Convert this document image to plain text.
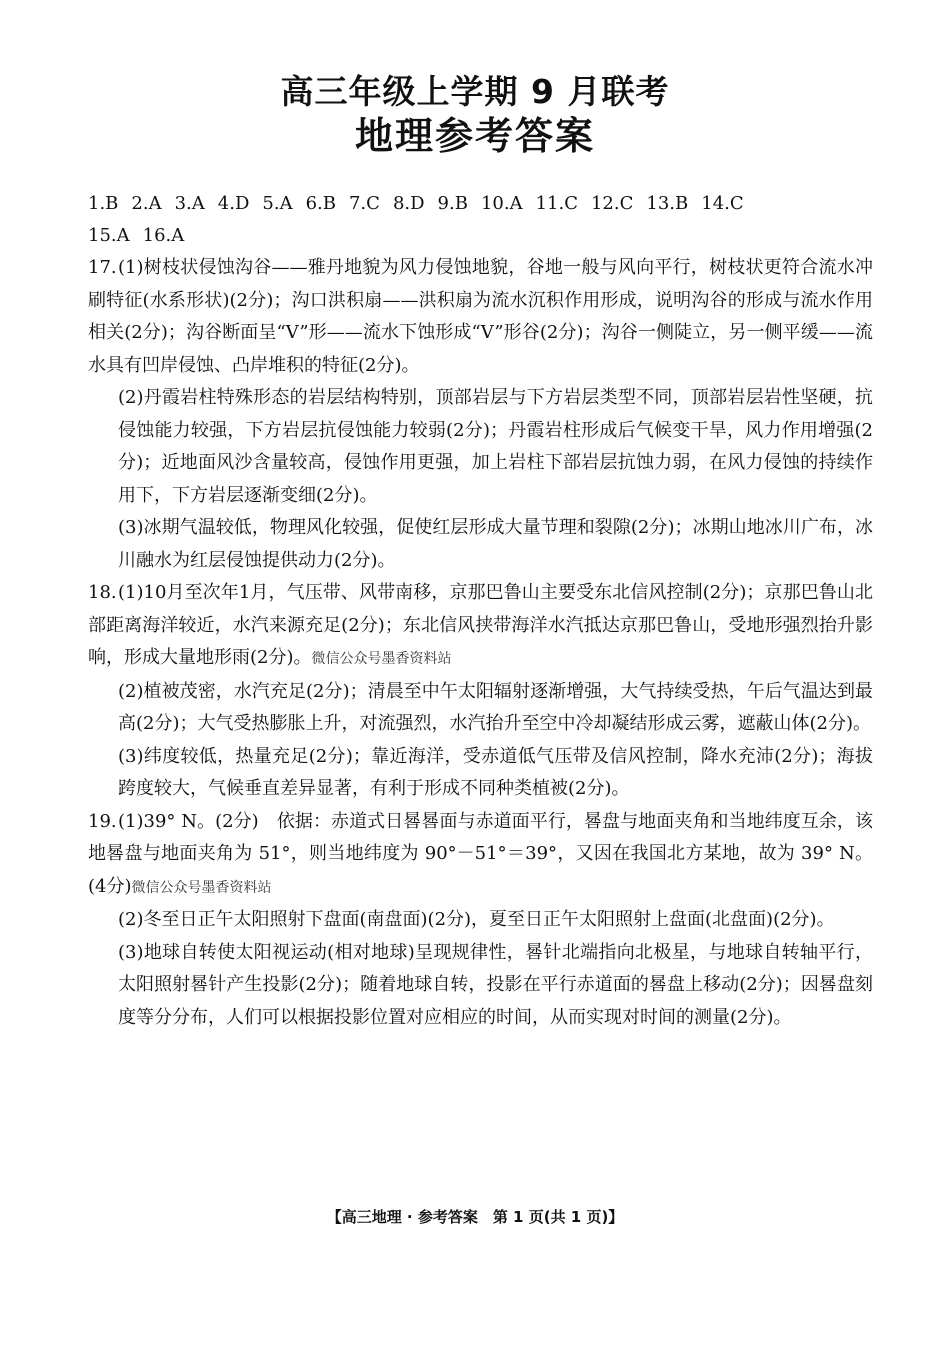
高三年级上学期 9 月联考
地理参考答案
1.B 2.A 3.A 4.D 5.A 6.B 7.C 8.D 9.B 10.A 11.C 12.C 13.B 14.C
15.A 16.A

17.(1)树枝状侵蚀沟谷——雅丹地貌为风力侵蚀地貌，谷地一般与风向平行，树枝状更符合流水冲刷特征(水系形状)(2分)；沟口洪积扇——洪积扇为流水沉积作用形成，说明沟谷的形成与流水作用相关(2分)；沟谷断面呈“V”形——流水下蚀形成“V”形谷(2分)；沟谷一侧陡立，另一侧平缓——流水具有凹岸侵蚀、凸岸堆积的特征(2分)。

(2)丹霞岩柱特殊形态的岩层结构特别，顶部岩层与下方岩层类型不同，顶部岩层岩性坚硬，抗侵蚀能力较强，下方岩层抗侵蚀能力较弱(2分)；丹霞岩柱形成后气候变干旱，风力作用增强(2分)；近地面风沙含量较高，侵蚀作用更强，加上岩柱下部岩层抗蚀力弱，在风力侵蚀的持续作用下，下方岩层逐渐变细(2分)。

(3)冰期气温较低，物理风化较强，促使红层形成大量节理和裂隙(2分)；冰期山地冰川广布，冰川融水为红层侵蚀提供动力(2分)。

18.(1)10月至次年1月，气压带、风带南移，京那巴鲁山主要受东北信风控制(2分)；京那巴鲁山北部距离海洋较近，水汽来源充足(2分)；东北信风挟带海洋水汽抵达京那巴鲁山，受地形强烈抬升影响，形成大量地形雨(2分)。微信公众号墨香资料站

(2)植被茂密，水汽充足(2分)；清晨至中午太阳辐射逐渐增强，大气持续受热，午后气温达到最高(2分)；大气受热膨胀上升，对流强烈，水汽抬升至空中冷却凝结形成云雾，遮蔽山体(2分)。

(3)纬度较低，热量充足(2分)；靠近海洋，受赤道低气压带及信风控制，降水充沛(2分)；海拔跨度较大，气候垂直差异显著，有利于形成不同种类植被(2分)。

19.(1)39° N。(2分)　依据：赤道式日晷晷面与赤道面平行，晷盘与地面夹角和当地纬度互余，该地晷盘与地面夹角为 51°，则当地纬度为 90°－51°＝39°，又因在我国北方某地，故为 39° N。(4分)微信公众号墨香资料站

(2)冬至日正午太阳照射下盘面(南盘面)(2分)，夏至日正午太阳照射上盘面(北盘面)(2分)。

(3)地球自转使太阳视运动(相对地球)呈现规律性，晷针北端指向北极星，与地球自转轴平行，太阳照射晷针产生投影(2分)；随着地球自转，投影在平行赤道面的晷盘上移动(2分)；因晷盘刻度等分分布，人们可以根据投影位置对应相应的时间，从而实现对时间的测量(2分)。

【高三地理 · 参考答案　第 1 页(共 1 页)】
